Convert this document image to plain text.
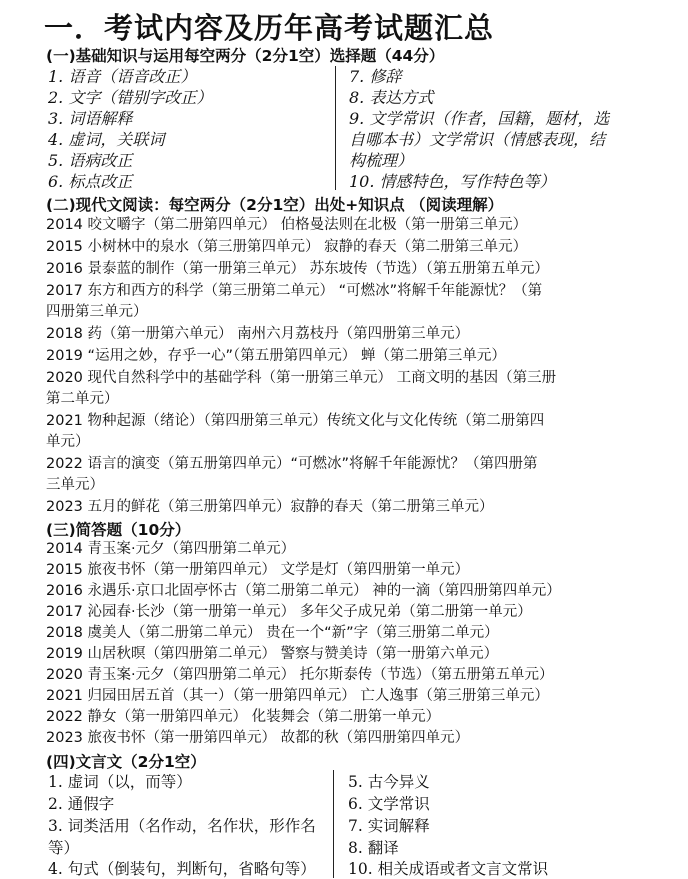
一．考试内容及历年高考试题汇总
(一)基础知识与运用每空两分（2分1空）选择题（44分）
1. 语音（语音改正）
2. 文字（错别字改正）
3. 词语解释
4. 虚词，关联词
5. 语病改正
6. 标点改正
7. 修辞
8. 表达方式
9. 文学常识（作者，国籍，题材，选
自哪本书）文学常识（情感表现，结
构梳理）
10. 情感特色，写作特色等）
(二)现代文阅读：每空两分（2分1空）出处+知识点 （阅读理解）
2014 咬文嚼字（第二册第四单元） 伯格曼法则在北极（第一册第三单元）
2015 小树林中的泉水（第三册第四单元） 寂静的春天（第二册第三单元）
2016 景泰蓝的制作（第一册第三单元） 苏东坡传（节选）（第五册第五单元）
2017 东方和西方的科学（第三册第二单元） “可燃冰”将解千年能源忧？（第
四册第三单元）
2018 药（第一册第六单元） 南州六月荔枝丹（第四册第三单元）
2019 “运用之妙，存乎一心”（第五册第四单元） 蝉（第二册第三单元）
2020 现代自然科学中的基础学科（第一册第三单元） 工商文明的基因（第三册
第二单元）
2021 物种起源（绪论）（第四册第三单元）传统文化与文化传统（第二册第四
单元）
2022 语言的演变（第五册第四单元）“可燃冰”将解千年能源忧？（第四册第
三单元）
2023 五月的鲜花（第三册第四单元）寂静的春天（第二册第三单元）
(三)简答题（10分）
2014 青玉案·元夕（第四册第二单元）
2015 旅夜书怀（第一册第四单元） 文学是灯（第四册第一单元）
2016 永遇乐·京口北固亭怀古（第二册第二单元） 神的一滴（第四册第四单元）
2017 沁园春·长沙（第一册第一单元） 多年父子成兄弟（第二册第一单元）
2018 虞美人（第二册第二单元） 贵在一个“新”字（第三册第二单元）
2019 山居秋暝（第四册第二单元） 警察与赞美诗（第一册第六单元）
2020 青玉案·元夕（第四册第二单元） 托尔斯泰传（节选）（第五册第五单元）
2021 归园田居五首（其一）（第一册第四单元） 亡人逸事（第三册第三单元）
2022 静女（第一册第四单元） 化装舞会（第二册第一单元）
2023 旅夜书怀（第一册第四单元） 故都的秋（第四册第四单元）
(四)文言文（2分1空）
1. 虚词（以，而等）
2. 通假字
3. 词类活用（名作动，名作状，形作名
等）
4. 句式（倒装句，判断句，省略句等）
5. 古今异义
6. 文学常识
7. 实词解释
8. 翻译
10. 相关成语或者文言文常识
